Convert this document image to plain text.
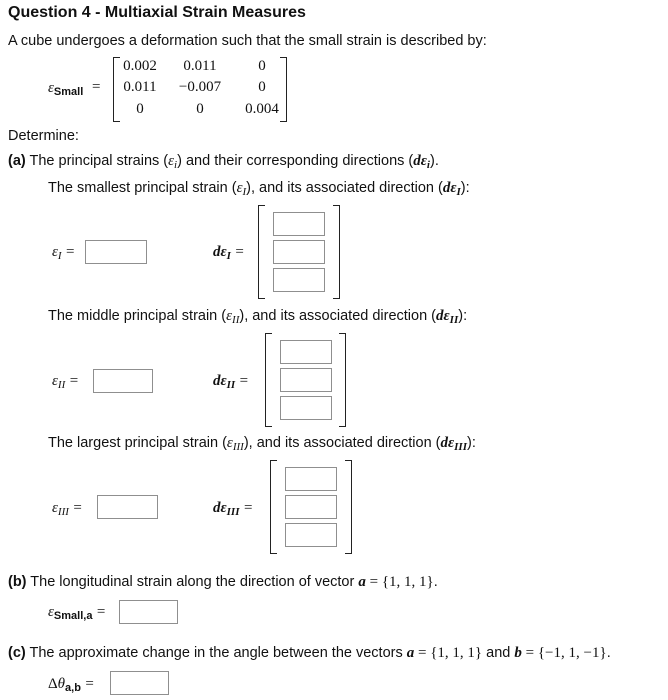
Question 4 - Multiaxial Strain Measures
A cube undergoes a deformation such that the small strain is described by:
$\varepsilon_{Small}$ =
0.002	0.011	0
0.011	−0.007	0
0	0	0.004
Determine:
(a) The principal strains $(\varepsilon_i)$ and their corresponding directions $(d\varepsilon_i)$.
The smallest principal strain $(\varepsilon_I)$, and its associated direction $(d\varepsilon_I)$:
$\varepsilon_I$ =	$d\varepsilon_I$ =
The middle principal strain $(\varepsilon_{II})$, and its associated direction $(d\varepsilon_{II})$:
$\varepsilon_{II}$ =	$d\varepsilon_{II}$ =
The largest principal strain $(\varepsilon_{III})$, and its associated direction $(d\varepsilon_{III})$:
$\varepsilon_{III}$ =	$d\varepsilon_{III}$ =
(b) The longitudinal strain along the direction of vector a = {1, 1, 1}.
$\varepsilon_{Small,a}$ =
(c) The approximate change in the angle between the vectors a = {1, 1, 1} and b = {−1, 1, −1}.
$\Delta\theta_{a,b}$ =
